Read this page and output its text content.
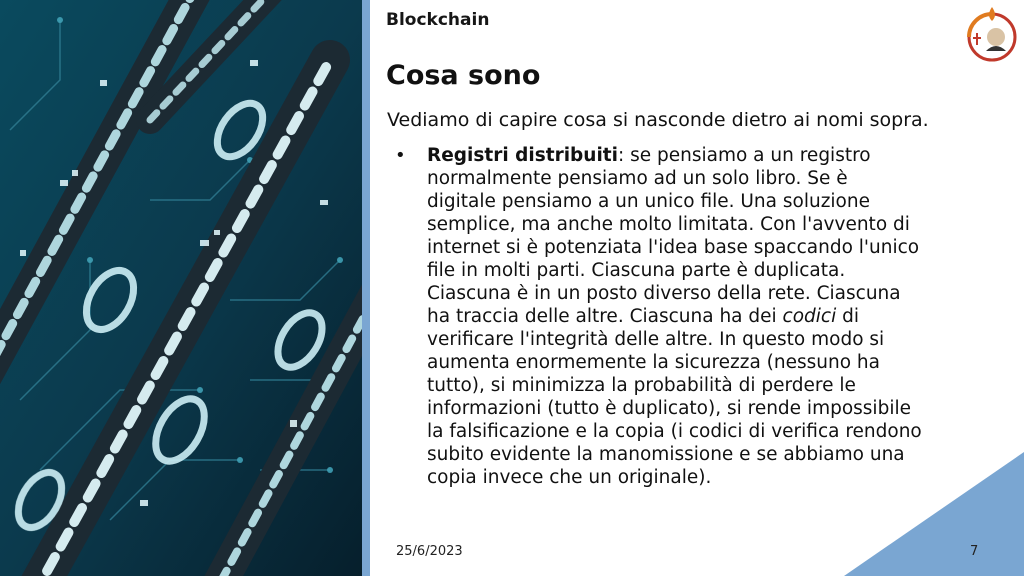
Blockchain
Cosa sono
Vediamo di capire cosa si nasconde dietro ai nomi sopra.
• Registri distribuiti: se pensiamo a un registro
normalmente pensiamo ad un solo libro. Se è
digitale pensiamo a un unico file. Una soluzione
semplice, ma anche molto limitata. Con l'avvento di
internet si è potenziata l'idea base spaccando l'unico
file in molti parti. Ciascuna parte è duplicata.
Ciascuna è in un posto diverso della rete. Ciascuna
ha traccia delle altre. Ciascuna ha dei codici di
verificare l'integrità delle altre. In questo modo si
aumenta enormemente la sicurezza (nessuno ha
tutto), si minimizza la probabilità di perdere le
informazioni (tutto è duplicato), si rende impossibile
la falsificazione e la copia (i codici di verifica rendono
subito evidente la manomissione e se abbiamo una
copia invece che un originale).

25/6/2023	7
